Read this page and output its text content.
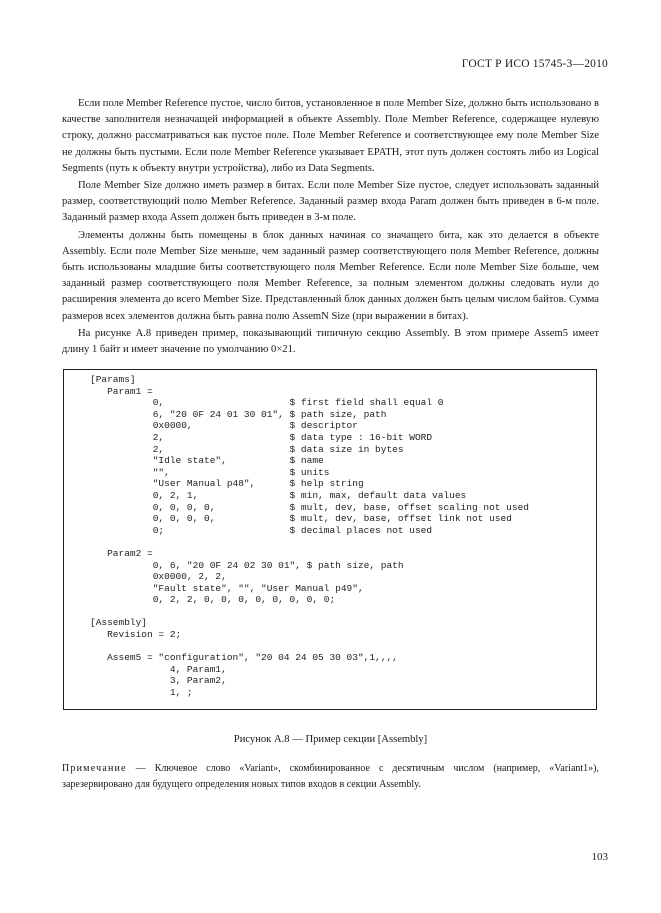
ГОСТ Р ИСО 15745-3—2010

Если поле Member Reference пустое, число битов, установленное в поле Member Size, должно быть использовано в качестве заполнителя незначащей информацией в объекте Assembly. Поле Member Reference, содержащее нулевую строку, должно рассматриваться как пустое поле. Поле Member Reference и соответствующее ему поле Member Size не должны быть пустыми. Если поле Member Reference указывает EPATH, этот путь должен состоять либо из Logical Segments (путь к объекту внутри устройства), либо из Data Segments.

Поле Member Size должно иметь размер в битах. Если поле Member Size пустое, следует использовать заданный размер, соответствующий полю Member Reference. Заданный размер входа Param должен быть приведен в 6-м поле. Заданный размер входа Assem должен быть приведен в 3-м поле.

Элементы должны быть помещены в блок данных начиная со значащего бита, как это делается в объекте Assembly. Если поле Member Size меньше, чем заданный размер соответствующего поля Member Reference, должны быть использованы младшие биты соответствующего поля Member Reference. Если поле Member Size больше, чем заданный размер соответствующего поля Member Reference, за полным элементом должны следовать нули до расширения элемента до всего Member Size. Представленный блок данных должен быть целым числом байтов. Сумма размеров всех элементов должна быть равна полю AssemN Size (при выражении в битах).

На рисунке А.8 приведен пример, показывающий типичную секцию Assembly. В этом примере Assem5 имеет длину 1 байт и имеет значение по умолчанию 0×21.

[Params]
Param1 =
0,                      $ first field shall equal 0
6, "20 0F 24 01 30 01", $ path size, path
0x0000,                 $ descriptor
2,                      $ data type : 16-bit WORD
2,                      $ data size in bytes
"Idle state",           $ name
"",                     $ units
"User Manual p48",      $ help string
0, 2, 1,                $ min, max, default data values
0, 0, 0, 0,             $ mult, dev, base, offset scaling not used
0, 0, 0, 0,             $ mult, dev, base, offset link not used
0;                      $ decimal places not used

Param2 =
0, 6, "20 0F 24 02 30 01", $ path size, path
0x0000, 2, 2,
"Fault state", "", "User Manual p49",
0, 2, 2, 0, 0, 0, 0, 0, 0, 0, 0;

[Assembly]
Revision = 2;

Assem5 = "configuration", "20 04 24 05 30 03",1,,,,
4, Param1,
3, Param2,
1, ;
Рисунок А.8 — Пример секции [Assembly]
Примечание — Ключевое слово «Variant», скомбинированное с десятичным числом (например, «Variant1»), зарезервировано для будущего определения новых типов входов в секции Assembly.
103
